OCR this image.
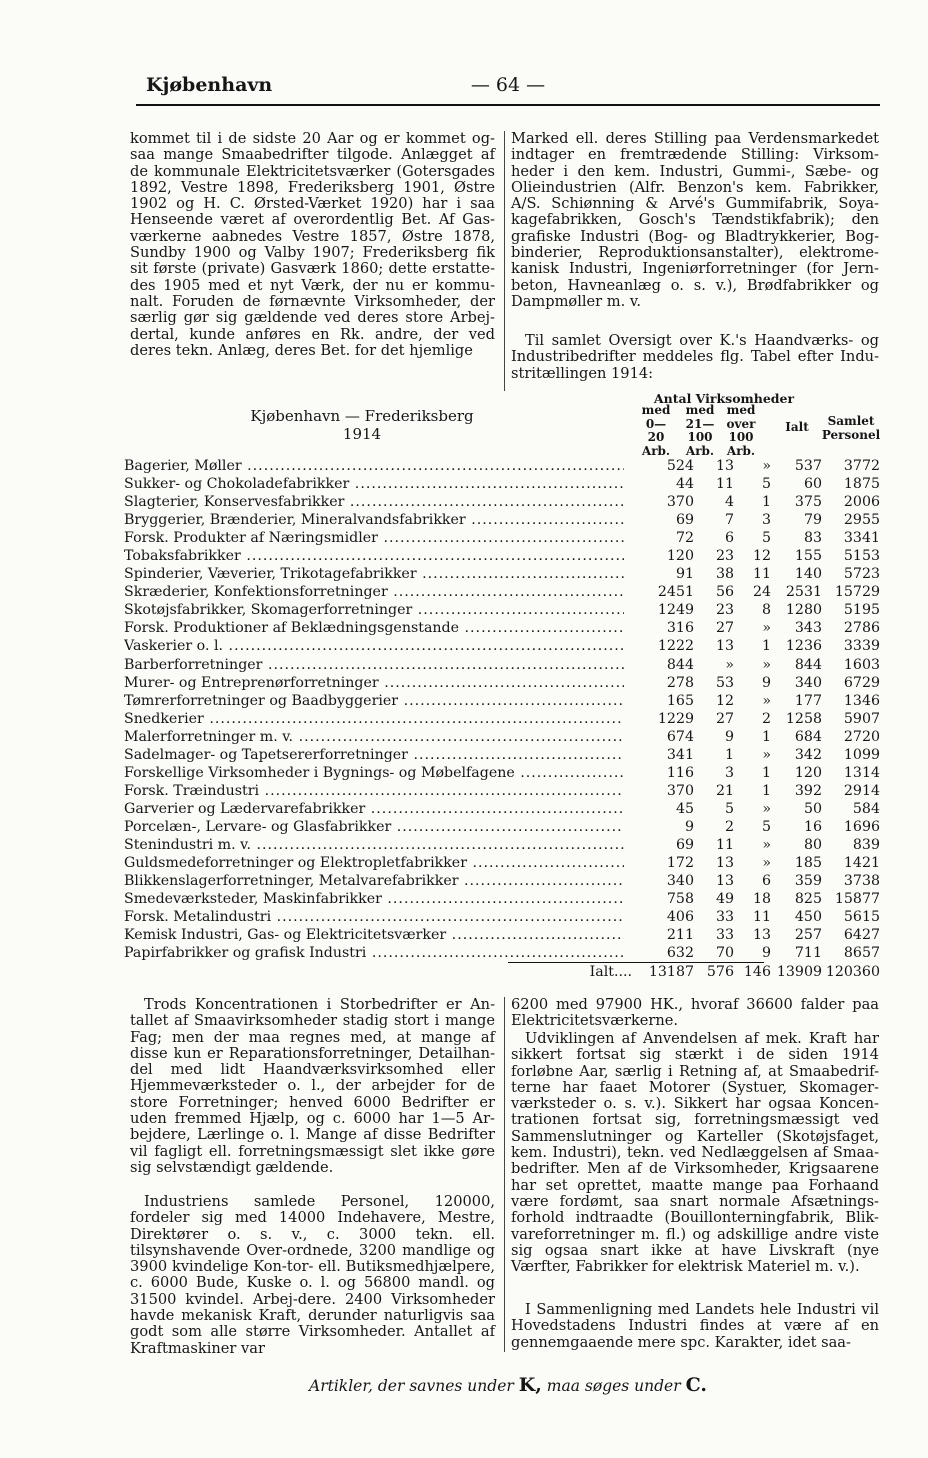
Kjøbenhavn	— 64 —

kommet til i de sidste 20 Aar og er kommet og-saa mange Smaabedrifter tilgode. Anlægget af de kommunale Elektricitetsværker (Gotersgades 1892, Vestre 1898, Frederiksberg 1901, Østre 1902 og H. C. Ørsted-Værket 1920) har i saa Henseende været af overordentlig Bet. Af Gas-værkerne aabnedes Vestre 1857, Østre 1878, Sundby 1900 og Valby 1907; Frederiksberg fik sit første (private) Gasværk 1860; dette erstatte-des 1905 med et nyt Værk, der nu er kommu-nalt. Foruden de førnævnte Virksomheder, der særlig gør sig gældende ved deres store Arbej-dertal, kunde anføres en Rk. andre, der ved deres tekn. Anlæg, deres Bet. for det hjemlige

Marked ell. deres Stilling paa Verdensmarkedet indtager en fremtrædende Stilling: Virksom-heder i den kem. Industri, Gummi-, Sæbe- og Olieindustrien (Alfr. Benzon's kem. Fabrikker, A/S. Schiønning & Arvé's Gummifabrik, Soya-kagefabrikken, Gosch's Tændstikfabrik); den grafiske Industri (Bog- og Bladtrykkerier, Bog-binderier, Reproduktionsanstalter), elektrome-kanisk Industri, Ingeniørforretninger (for Jern-beton, Havneanlæg o. s. v.), Brødfabrikker og Dampmøller m. v.

Til samlet Oversigt over K.'s Haandværks- og Industribedrifter meddeles flg. Tabel efter Indu-stritællingen 1914:

Kjøbenhavn — Frederiksberg
1914
Antal Virksomheder
med
0—
20
Arb.
med
21—
100
Arb.
med
over
100
Arb.
Ialt	Samlet
Personel
Bagerier, Møller .....	524	13	»	537	3772
Sukker- og Chokoladefabrikker .....	44	11	5	60	1875
Slagterier, Konservesfabrikker .....	370	4	1	375	2006
Bryggerier, Brænderier, Mineralvandsfabrikker .....	69	7	3	79	2955
Forsk. Produkter af Næringsmidler .....	72	6	5	83	3341
Tobaksfabrikker .....	120	23	12	155	5153
Spinderier, Væverier, Trikotagefabrikker .....	91	38	11	140	5723
Skræderier, Konfektionsforretninger .....	2451	56	24	2531 15729
Skotøjsfabrikker, Skomagerforretninger .....	1249	23	8	1280	5195
Forsk. Produktioner af Beklædningsgenstande .....	316	27	»	343	2786
Vaskerier o. l. .....	1222	13	1	1236	3339
Barberforretninger .....	844	»	»	844	1603
Murer- og Entreprenørforretninger .....	278	53	9	340	6729
Tømrerforretninger og Baadbyggerier .....	165	12	»	177	1346
Snedkerier .....	1229	27	2	1258	5907
Malerforretninger m. v. .....	674	9	1	684	2720
Sadelmager- og Tapetsererforretninger .....	341	1	»	342	1099
Forskellige Virksomheder i Bygnings- og Møbelfagene .....	116	3	1	120	1314
Forsk. Træindustri .....	370	21	1	392	2914
Garverier og Lædervarefabrikker .....	45	5	»	50	584
Porcelæn-, Lervare- og Glasfabrikker .....	9	2	5	16	1696
Stenindustri m. v. .....	69	11	»	80	839
Guldsmedeforretninger og Elektropletfabrikker .....	172	13	»	185	1421
Blikkenslagerforretninger, Metalvarefabrikker .....	340	13	6	359	3738
Smedeværksteder, Maskinfabrikker .....	758	49	18	825 15877
Forsk. Metalindustri .....	406	33	11	450	5615
Kemisk Industri, Gas- og Elektricitetsværker .....	211	33	13	257	6427
Papirfabrikker og grafisk Industri .....	632	70	9	711	8657
Ialt....	13187 576 146 13909 120360

Trods Koncentrationen i Storbedrifter er An-tallet af Smaavirksomheder stadig stort i mange Fag; men der maa regnes med, at mange af disse kun er Reparationsforretninger, Detailhan-del med lidt Haandværksvirksomhed eller Hjemmeværksteder o. l., der arbejder for de store Forretninger; henved 6000 Bedrifter er uden fremmed Hjælp, og c. 6000 har 1—5 Ar-bejdere, Lærlinge o. l. Mange af disse Bedrifter vil fagligt ell. forretningsmæssigt slet ikke gøre sig selvstændigt gældende.

Industriens samlede Personel, 120000, fordeler sig med 14000 Indehavere, Mestre, Direktører o. s. v., c. 3000 tekn. ell. tilsynshavende Over-ordnede, 3200 mandlige og 3900 kvindelige Kon-tor- ell. Butiksmedhjælpere, c. 6000 Bude, Kuske o. l. og 56800 mandl. og 31500 kvindel. Arbej-dere. 2400 Virksomheder havde mekanisk Kraft, derunder naturligvis saa godt som alle større Virksomheder. Antallet af Kraftmaskiner var

6200 med 97900 HK., hvoraf 36600 falder paa Elektricitetsværkerne.

Udviklingen af Anvendelsen af mek. Kraft har sikkert fortsat sig stærkt i de siden 1914 forløbne Aar, særlig i Retning af, at Smaabedrif-terne har faaet Motorer (Systuer, Skomager-værksteder o. s. v.). Sikkert har ogsaa Koncen-trationen fortsat sig, forretningsmæssigt ved Sammenslutninger og Karteller (Skotøjsfaget, kem. Industri), tekn. ved Nedlæggelsen af Smaa-bedrifter. Men af de Virksomheder, Krigsaarene har set oprettet, maatte mange paa Forhaand være fordømt, saa snart normale Afsætnings-forhold indtraadte (Bouillonterningfabrik, Blik-vareforretninger m. fl.) og adskillige andre viste sig ogsaa snart ikke at have Livskraft (nye Værfter, Fabrikker for elektrisk Materiel m. v.).

I Sammenligning med Landets hele Industri vil Hovedstadens Industri findes at være af en gennemgaaende mere spc. Karakter, idet saa-

Artikler, der savnes under K, maa søges under C.
